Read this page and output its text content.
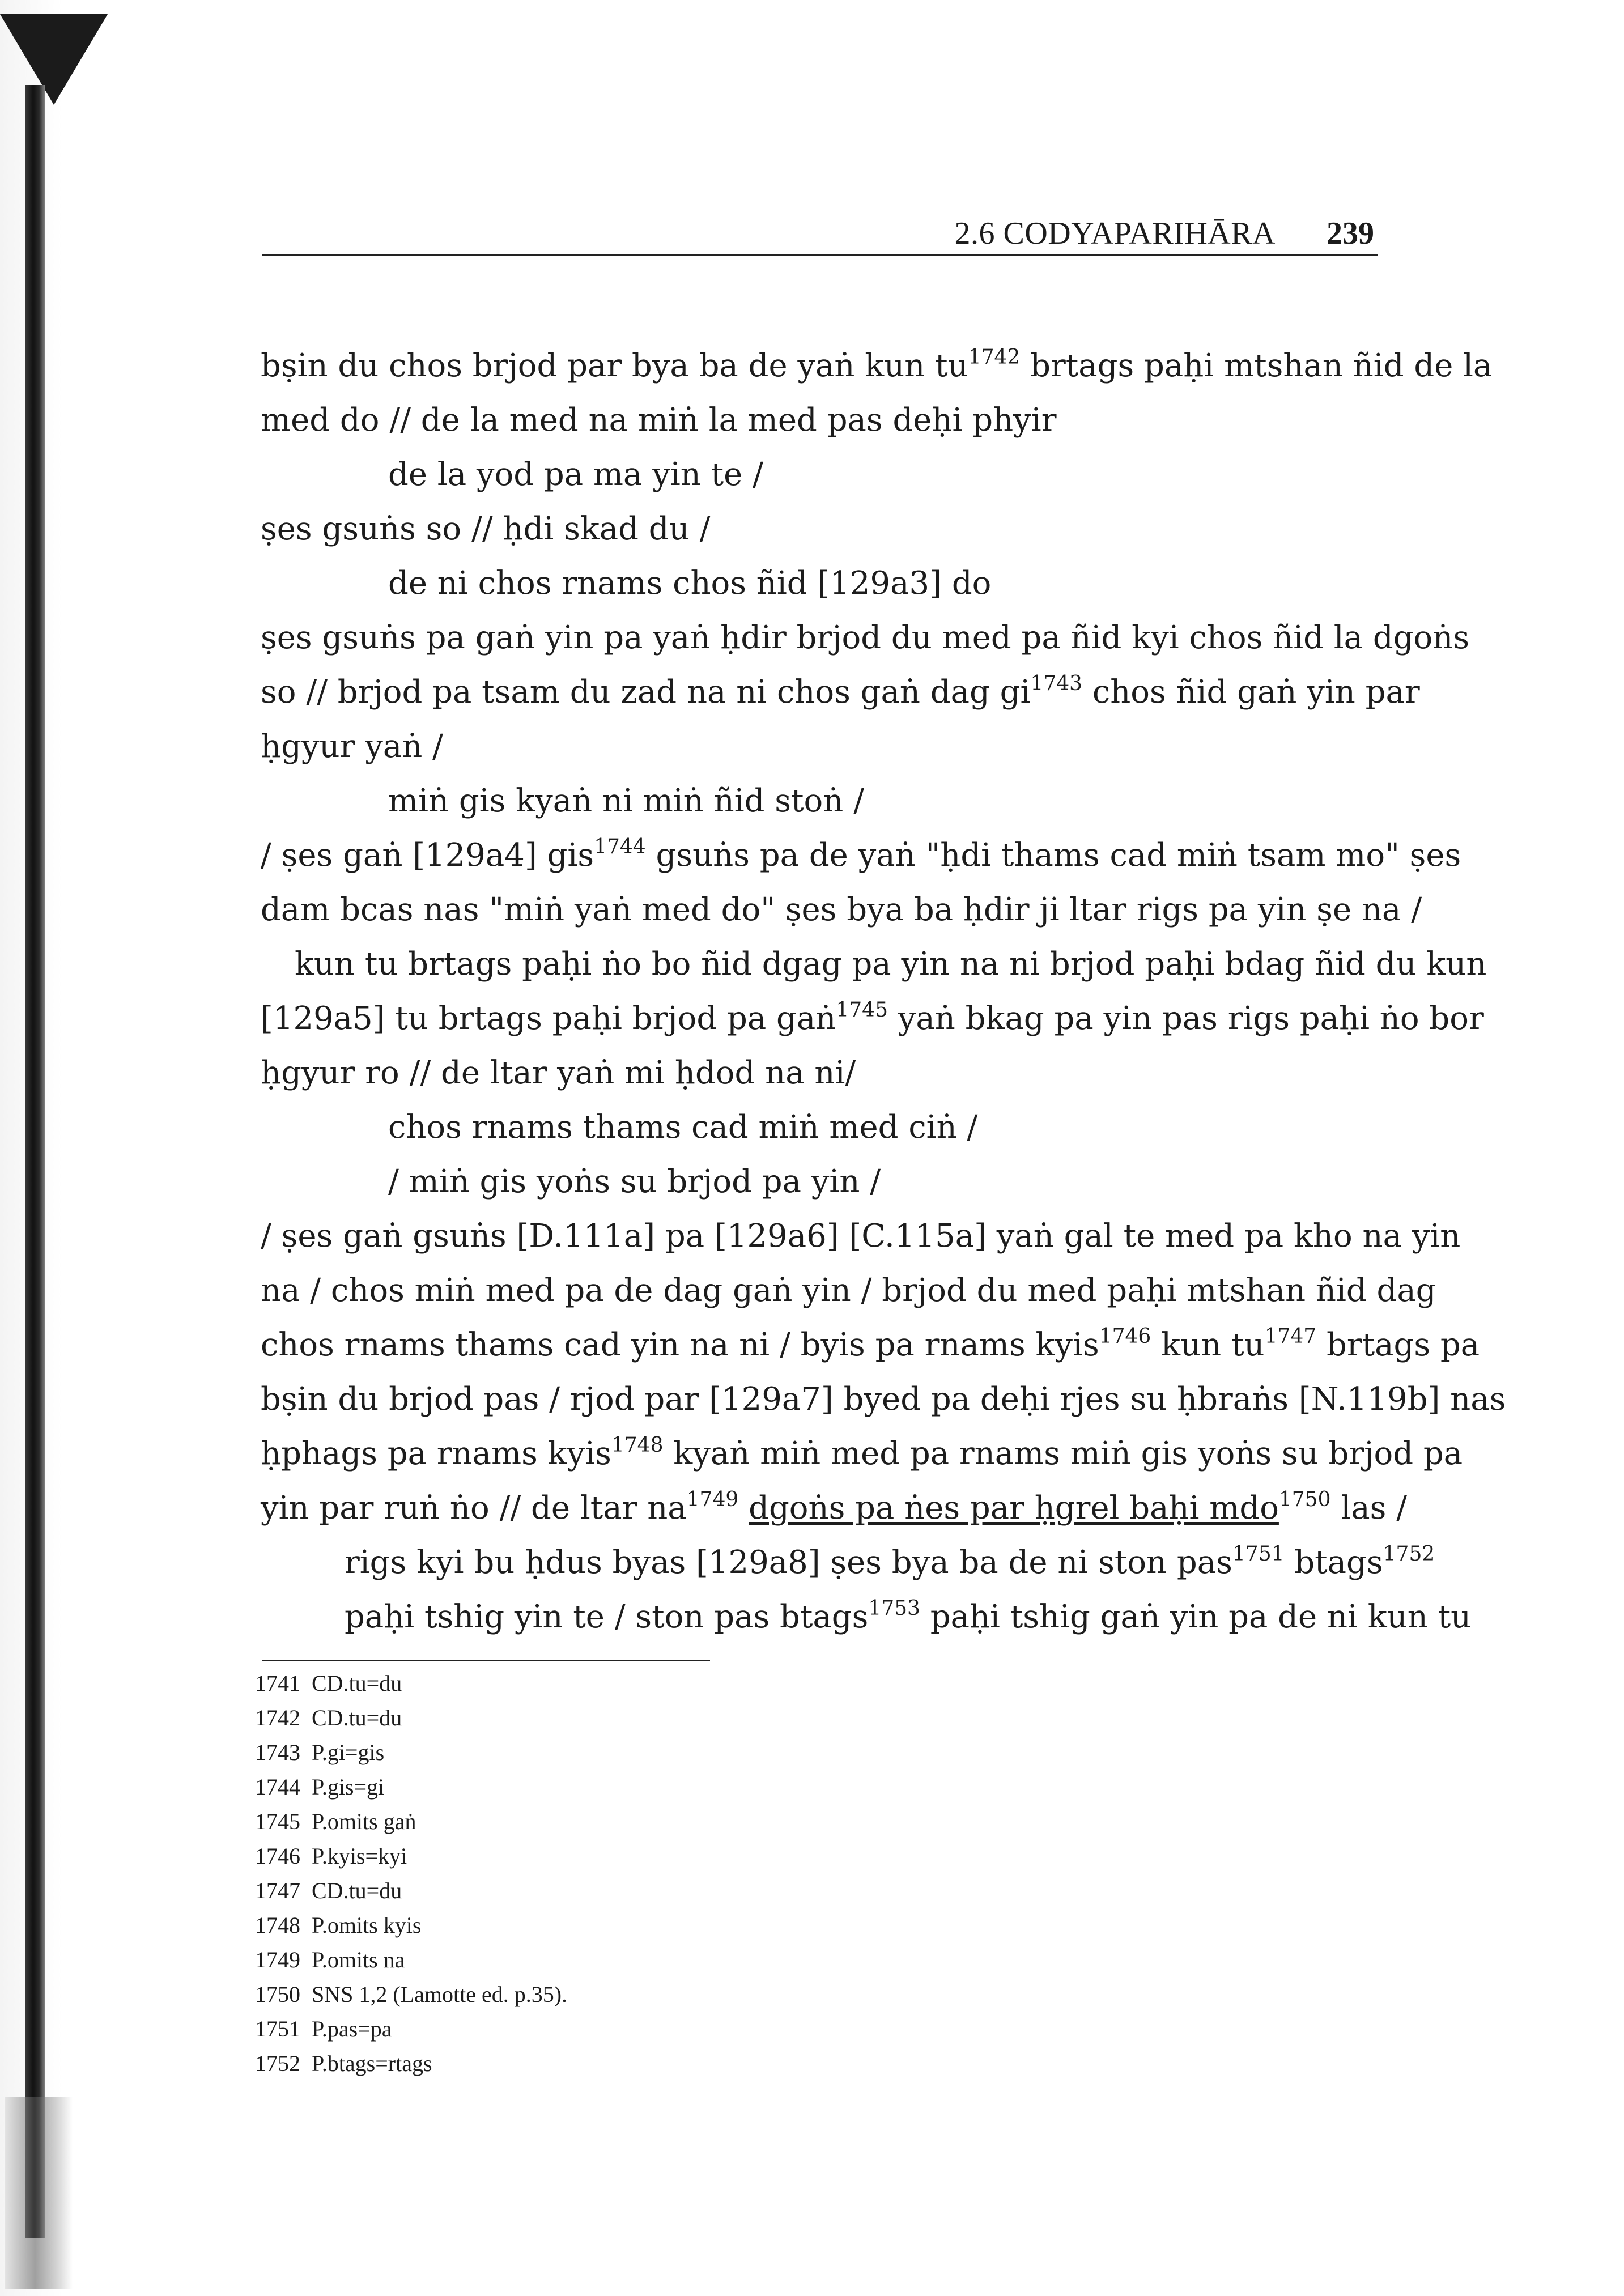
2.6 CODYAPARIHĀRA 239
bṣin du chos brjod par bya ba de yaṅ kun $tu^{1742}$ brtags paḥi mtshan ñid de la
med do // de la med na miṅ la med pas deḥi phyir
de la yod pa ma yin te /
ṣes gsuṅs so // ḥdi skad du /
de ni chos rnams chos ñid [129a3] do
ṣes gsuṅs pa gaṅ yin pa yaṅ ḥdir brjod du med pa ñid kyi chos ñid la dgoṅs
so // brjod pa tsam du zad na ni chos gaṅ dag $gi^{1743}$ chos ñid gaṅ yin par
ḥgyur yaṅ /
miṅ gis kyaṅ ni miṅ ñid stoṅ /
/ ṣes gaṅ [129a4] gis$^{1744}$ gsuṅs pa de yaṅ "ḥdi thams cad miṅ tsam mo" ṣes
dam bcas nas "miṅ yaṅ med do" ṣes bya ba ḥdir ji ltar rigs pa yin ṣe na /
kun tu brtags paḥi ṅo bo ñid dgag pa yin na ni brjod paḥi bdag ñid du kun
[129a5] tu brtags paḥi brjod pa gaṅ$^{1745}$ yaṅ bkag pa yin pas rigs paḥi ṅo bor
ḥgyur ro // de ltar yaṅ mi ḥdod na ni/
chos rnams thams cad miṅ med ciṅ /
/ miṅ gis yoṅs su brjod pa yin /
/ ṣes gaṅ gsuṅs [D.111a] pa [129a6] [C.115a] yaṅ gal te med pa kho na yin
na / chos miṅ med pa de dag gaṅ yin / brjod du med paḥi mtshan ñid dag
chos rnams thams cad yin na ni / byis pa rnams kyis$^{1746}$ kun $tu^{1747}$ brtags pa
bṣin du brjod pas / rjod par [129a7] byed pa deḥi rjes su ḥbraṅs [N.119b] nas
ḥphags pa rnams kyis$^{1748}$ kyaṅ miṅ med pa rnams miṅ gis yoṅs su brjod pa
yin par ruṅ ṅo // de ltar $na^{1749}$ dgoṅs pa ṅes par ḥgrel baḥi mdo$^{1750}$ las /
rigs kyi bu ḥdus byas [129a8] ṣes bya ba de ni ston pas$^{1751}$ btags$^{1752}$
paḥi tshig yin te / ston pas btags$^{1753}$ paḥi tshig gaṅ yin pa de ni kun tu
1741 CD.tu=du
1742 CD.tu=du
1743 P.gi=gis
1744 P.gis=gi
1745 P.omits gaṅ
1746 P.kyis=kyi
1747 CD.tu=du
1748 P.omits kyis
1749 P.omits na
1750 SNS 1,2 (Lamotte ed. p.35).
1751 P.pas=pa
1752 P.btags=rtags
